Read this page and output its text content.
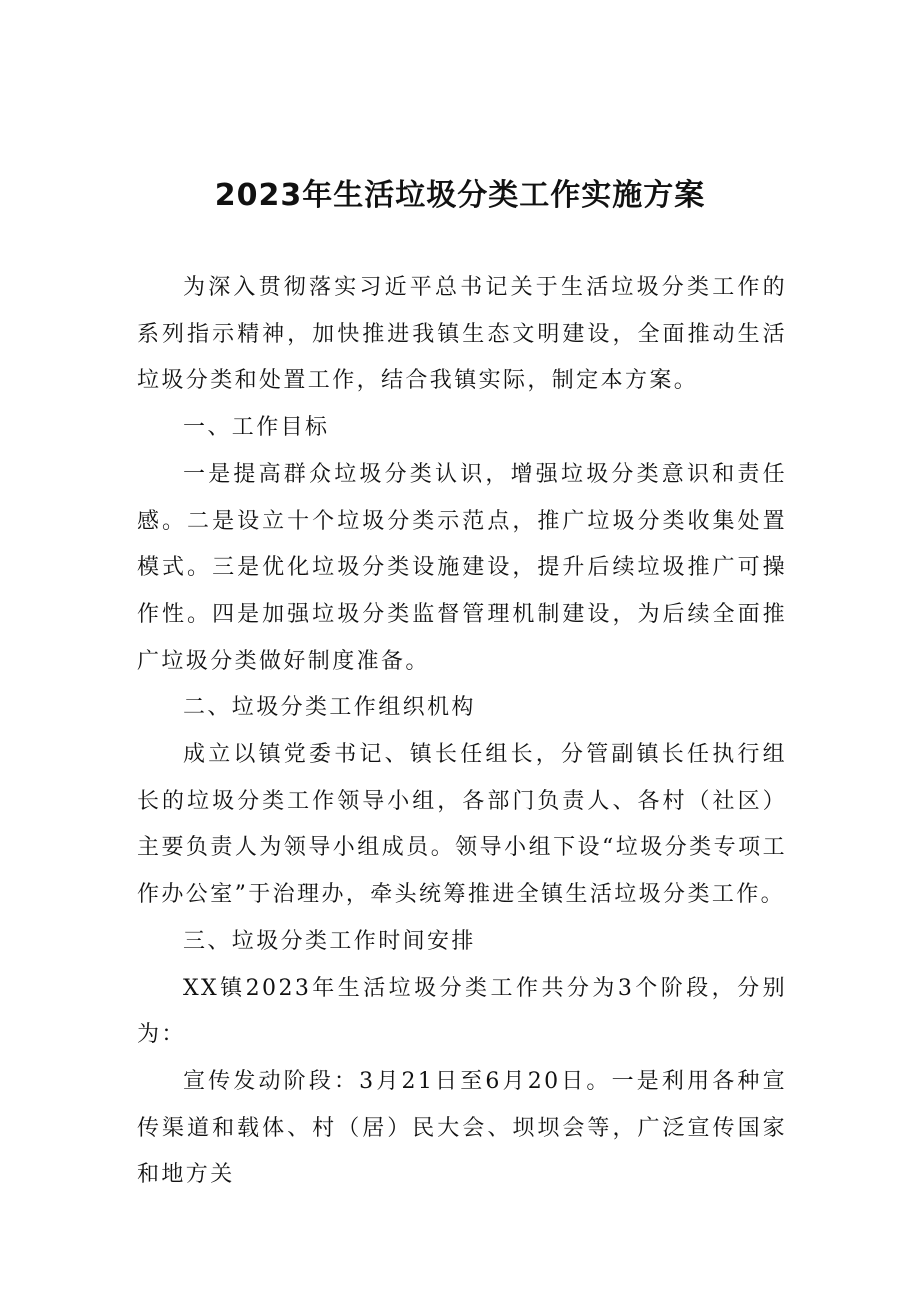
2023年生活垃圾分类工作实施方案

为深入贯彻落实习近平总书记关于生活垃圾分类工作的系列指示精神，加快推进我镇生态文明建设，全面推动生活垃圾分类和处置工作，结合我镇实际，制定本方案。

一、工作目标

一是提高群众垃圾分类认识，增强垃圾分类意识和责任感。二是设立十个垃圾分类示范点，推广垃圾分类收集处置模式。三是优化垃圾分类设施建设，提升后续垃圾推广可操作性。四是加强垃圾分类监督管理机制建设，为后续全面推广垃圾分类做好制度准备。

二、垃圾分类工作组织机构

成立以镇党委书记、镇长任组长，分管副镇长任执行组长的垃圾分类工作领导小组，各部门负责人、各村（社区）主要负责人为领导小组成员。领导小组下设“垃圾分类专项工作办公室”于治理办，牵头统筹推进全镇生活垃圾分类工作。

三、垃圾分类工作时间安排

XX镇2023年生活垃圾分类工作共分为3个阶段，分别为：

宣传发动阶段：3月21日至6月20日。一是利用各种宣传渠道和载体、村（居）民大会、坝坝会等，广泛宣传国家和地方关
